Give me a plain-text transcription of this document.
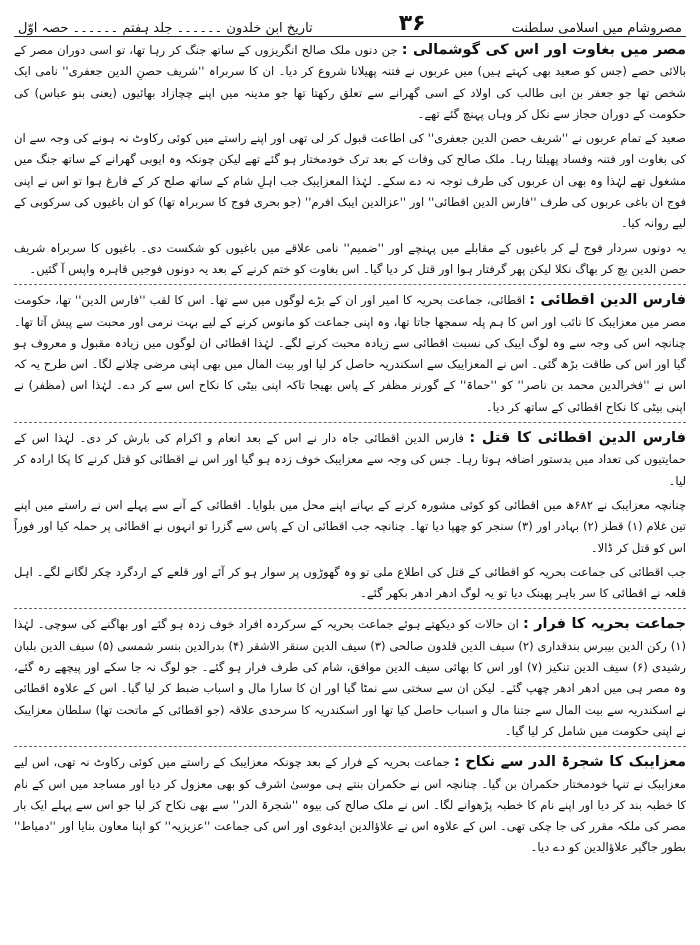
مصروشام میں اسلامی سلطنت
۳۶
تاریخ ابن خلدون ۔۔۔۔۔۔ جلد ہفتم ۔۔۔۔۔۔ حصہ اوّل

مصر میں بغاوت اور اس کی گوشمالی : جن دنوں ملک صالح انگریزوں کے ساتھ جنگ کر رہا تھا، تو اسی دوران مصر کے بالائی حصے (جس کو صعید بھی کہتے ہیں) میں عربوں نے فتنہ پھیلانا شروع کر دیا۔ ان کا سربراہ ''شریف حصنِ الدین جعفری'' نامی ایک شخص تھا جو جعفر بن ابی طالب کی اولاد کے اسی گھرانے سے تعلق رکھتا تھا جو مدینہ میں اپنے چچازاد بھائیوں (یعنی بنو عباس) کی حکومت کے دوران حجاز سے نکل کر وہاں پہنچ گئے تھے۔

صعید کے تمام عربوں نے ''شریف حصن الدین جعفری'' کی اطاعت قبول کر لی تھی اور اپنے راستے میں کوئی رکاوٹ نہ ہونے کی وجہ سے ان کی بغاوت اور فتنہ وفساد پھیلتا رہا۔ ملک صالح کی وفات کے بعد ترک خودمختار ہو گئے تھے لیکن چونکہ وہ ایوبی گھرانے کے ساتھ جنگ میں مشغول تھے لہٰذا وہ بھی ان عربوں کی طرف توجہ نہ دے سکے۔ لہٰذا المعزایبک جب اہلِ شام کے ساتھ صلح کر کے فارغ ہوا تو اس نے اپنی فوج ان باغی عربوں کی طرف ''فارس الدین اقطائی'' اور ''عزالدین ایبک افرم'' (جو بحری فوج کا سربراہ تھا) کو ان باغیوں کی سرکوبی کے لیے روانہ کیا۔

یہ دونوں سردار فوج لے کر باغیوں کے مقابلے میں پہنچے اور ''ضمیم'' نامی علاقے میں باغیوں کو شکست دی۔ باغیوں کا سربراہ شریف حصن الدین بچ کر بھاگ نکلا لیکن پھر گرفتار ہوا اور قتل کر دیا گیا۔ اس بغاوت کو ختم کرنے کے بعد یہ دونوں فوجیں قاہرہ واپس آ گئیں۔

فارس الدین اقطائی : اقطائی، جماعت بحریہ کا امیر اور ان کے بڑے لوگوں میں سے تھا۔ اس کا لقب ''فارس الدین'' تھا، حکومت مصر میں معزایبک کا نائب اور اس کا ہم پلہ سمجھا جاتا تھا، وہ اپنی جماعت کو مانوس کرنے کے لیے بہت نرمی اور محبت سے پیش آتا تھا۔ چنانچہ اس کی وجہ سے وہ لوگ ایبک کی نسبت اقطائی سے زیادہ محبت کرنے لگے۔ لہٰذا اقطائی ان لوگوں میں زیادہ مقبول و معروف ہو گیا اور اس کی طاقت بڑھ گئی۔ اس نے المعزایبک سے اسکندریہ حاصل کر لیا اور بیت المال میں بھی اپنی مرضی چلانے لگا۔ اس طرح یہ کہ اس نے ''فخرالدین محمد بن ناصر'' کو ''حماۃ'' کے گورنر مظفر کے پاس بھیجا تاکہ اپنی بیٹی کا نکاح اس سے کر دے۔ لہٰذا اس (مظفر) نے اپنی بیٹی کا نکاح اقطائی کے ساتھ کر دیا۔

فارس الدین اقطائی کا قتل : فارس الدین اقطائی جاہ دار نے اس کے بعد انعام و اکرام کی بارش کر دی۔ لہٰذا اس کے حمایتیوں کی تعداد میں بدستور اضافہ ہوتا رہا۔ جس کی وجہ سے معزایبک خوف زدہ ہو گیا اور اس نے اقطائی کو قتل کرنے کا پکا ارادہ کر لیا۔

چنانچہ معزایبک نے ۶۸۲ھ میں اقطائی کو کوئی مشورہ کرنے کے بہانے اپنے محل میں بلوایا۔ اقطائی کے آنے سے پہلے اس نے راستے میں اپنے تین غلام (۱) قطز (۲) بہادر اور (۳) سنجر کو چھپا دیا تھا۔ چنانچہ جب اقطائی ان کے پاس سے گزرا تو انہوں نے اقطائی پر حملہ کیا اور فوراً اس کو قتل کر ڈالا۔

جب اقطائی کی جماعت بحریہ کو اقطائی کے قتل کی اطلاع ملی تو وہ گھوڑوں پر سوار ہو کر آئے اور قلعے کے اردگرد چکر لگانے لگے۔ اہل قلعہ نے اقطائی کا سر باہر پھینک دیا تو یہ لوگ ادھر ادھر بکھر گئے۔

جماعت بحریہ کا فرار : ان حالات کو دیکھتے ہوئے جماعت بحریہ کے سرکردہ افراد خوف زدہ ہو گئے اور بھاگنے کی سوچی۔ لہٰذا (۱) رکن الدین بیبرس بندقداری (۲) سیف الدین قلدون صالحی (۳) سیف الدین سنقر الاشقر (۴) بدرالدین بنسر شمسی (۵) سیف الدین بلبان رشیدی (۶) سیف الدین تنکیز (۷) اور اس کا بھائی سیف الدین موافق، شام کی طرف فرار ہو گئے۔ جو لوگ نہ جا سکے اور پیچھے رہ گئے، وہ مصر ہی میں ادھر ادھر چھپ گئے۔ لیکن ان سے سختی سے نمٹا گیا اور ان کا سارا مال و اسباب ضبط کر لیا گیا۔ اس کے علاوہ اقطائی نے اسکندریہ سے بیت المال سے جتنا مال و اسباب حاصل کیا تھا اور اسکندریہ کا سرحدی علاقہ (جو اقطائی کے ماتحت تھا) سلطان معزایبک نے اپنی حکومت میں شامل کر لیا گیا۔

معزایبک کا شجرۃ الدر سے نکاح : جماعت بحریہ کے فرار کے بعد چونکہ معزایبک کے راستے میں کوئی رکاوٹ نہ تھی، اس لیے معزایبک نے تنہا خودمختار حکمران بن گیا۔ چنانچہ اس نے حکمران بنتے ہی موسیٰ اشرف کو بھی معزول کر دیا اور مساجد میں اس کے نام کا خطبہ بند کر دیا اور اپنے نام کا خطبہ پڑھوانے لگا۔ اس نے ملک صالح کی بیوہ ''شجرۃ الدر'' سے بھی نکاح کر لیا جو اس سے پہلے ایک بار مصر کی ملکہ مقرر کی جا چکی تھی۔ اس کے علاوہ اس نے علاؤالدین ایدغوی اور اس کی جماعت ''عزیزیہ'' کو اپنا معاون بنایا اور ''دمیاط'' بطور جاگیر علاؤالدین کو دے دیا۔
